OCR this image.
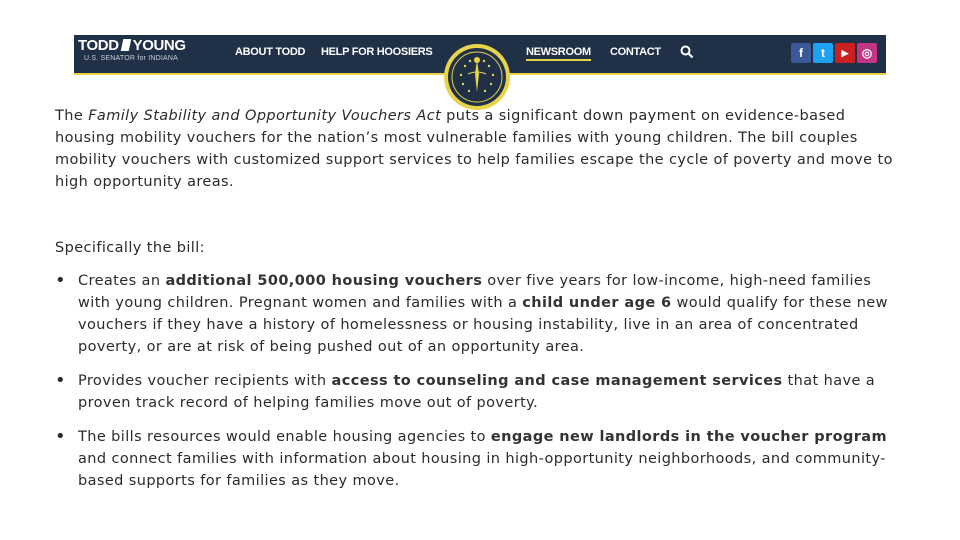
TODD YOUNG
U.S. SENATOR for INDIANA
ABOUT TODD HELP FOR HOOSIERS	NEWSROOM CONTACT	f	t	▶	◎

The Family Stability and Opportunity Vouchers Act puts a significant down payment on evidence-based housing mobility vouchers for the nation’s most vulnerable families with young children. The bill couples mobility vouchers with customized support services to help families escape the cycle of poverty and move to high opportunity areas.

Specifically the bill:

• Creates an additional 500,000 housing vouchers over five years for low-income, high-need families with young children. Pregnant women and families with a child under age 6 would qualify for these new vouchers if they have a history of homelessness or housing instability, live in an area of concentrated poverty, or are at risk of being pushed out of an opportunity area.
• Provides voucher recipients with access to counseling and case management services that have a proven track record of helping families move out of poverty.
• The bills resources would enable housing agencies to engage new landlords in the voucher program and connect families with information about housing in high-opportunity neighborhoods, and community-based supports for families as they move.
